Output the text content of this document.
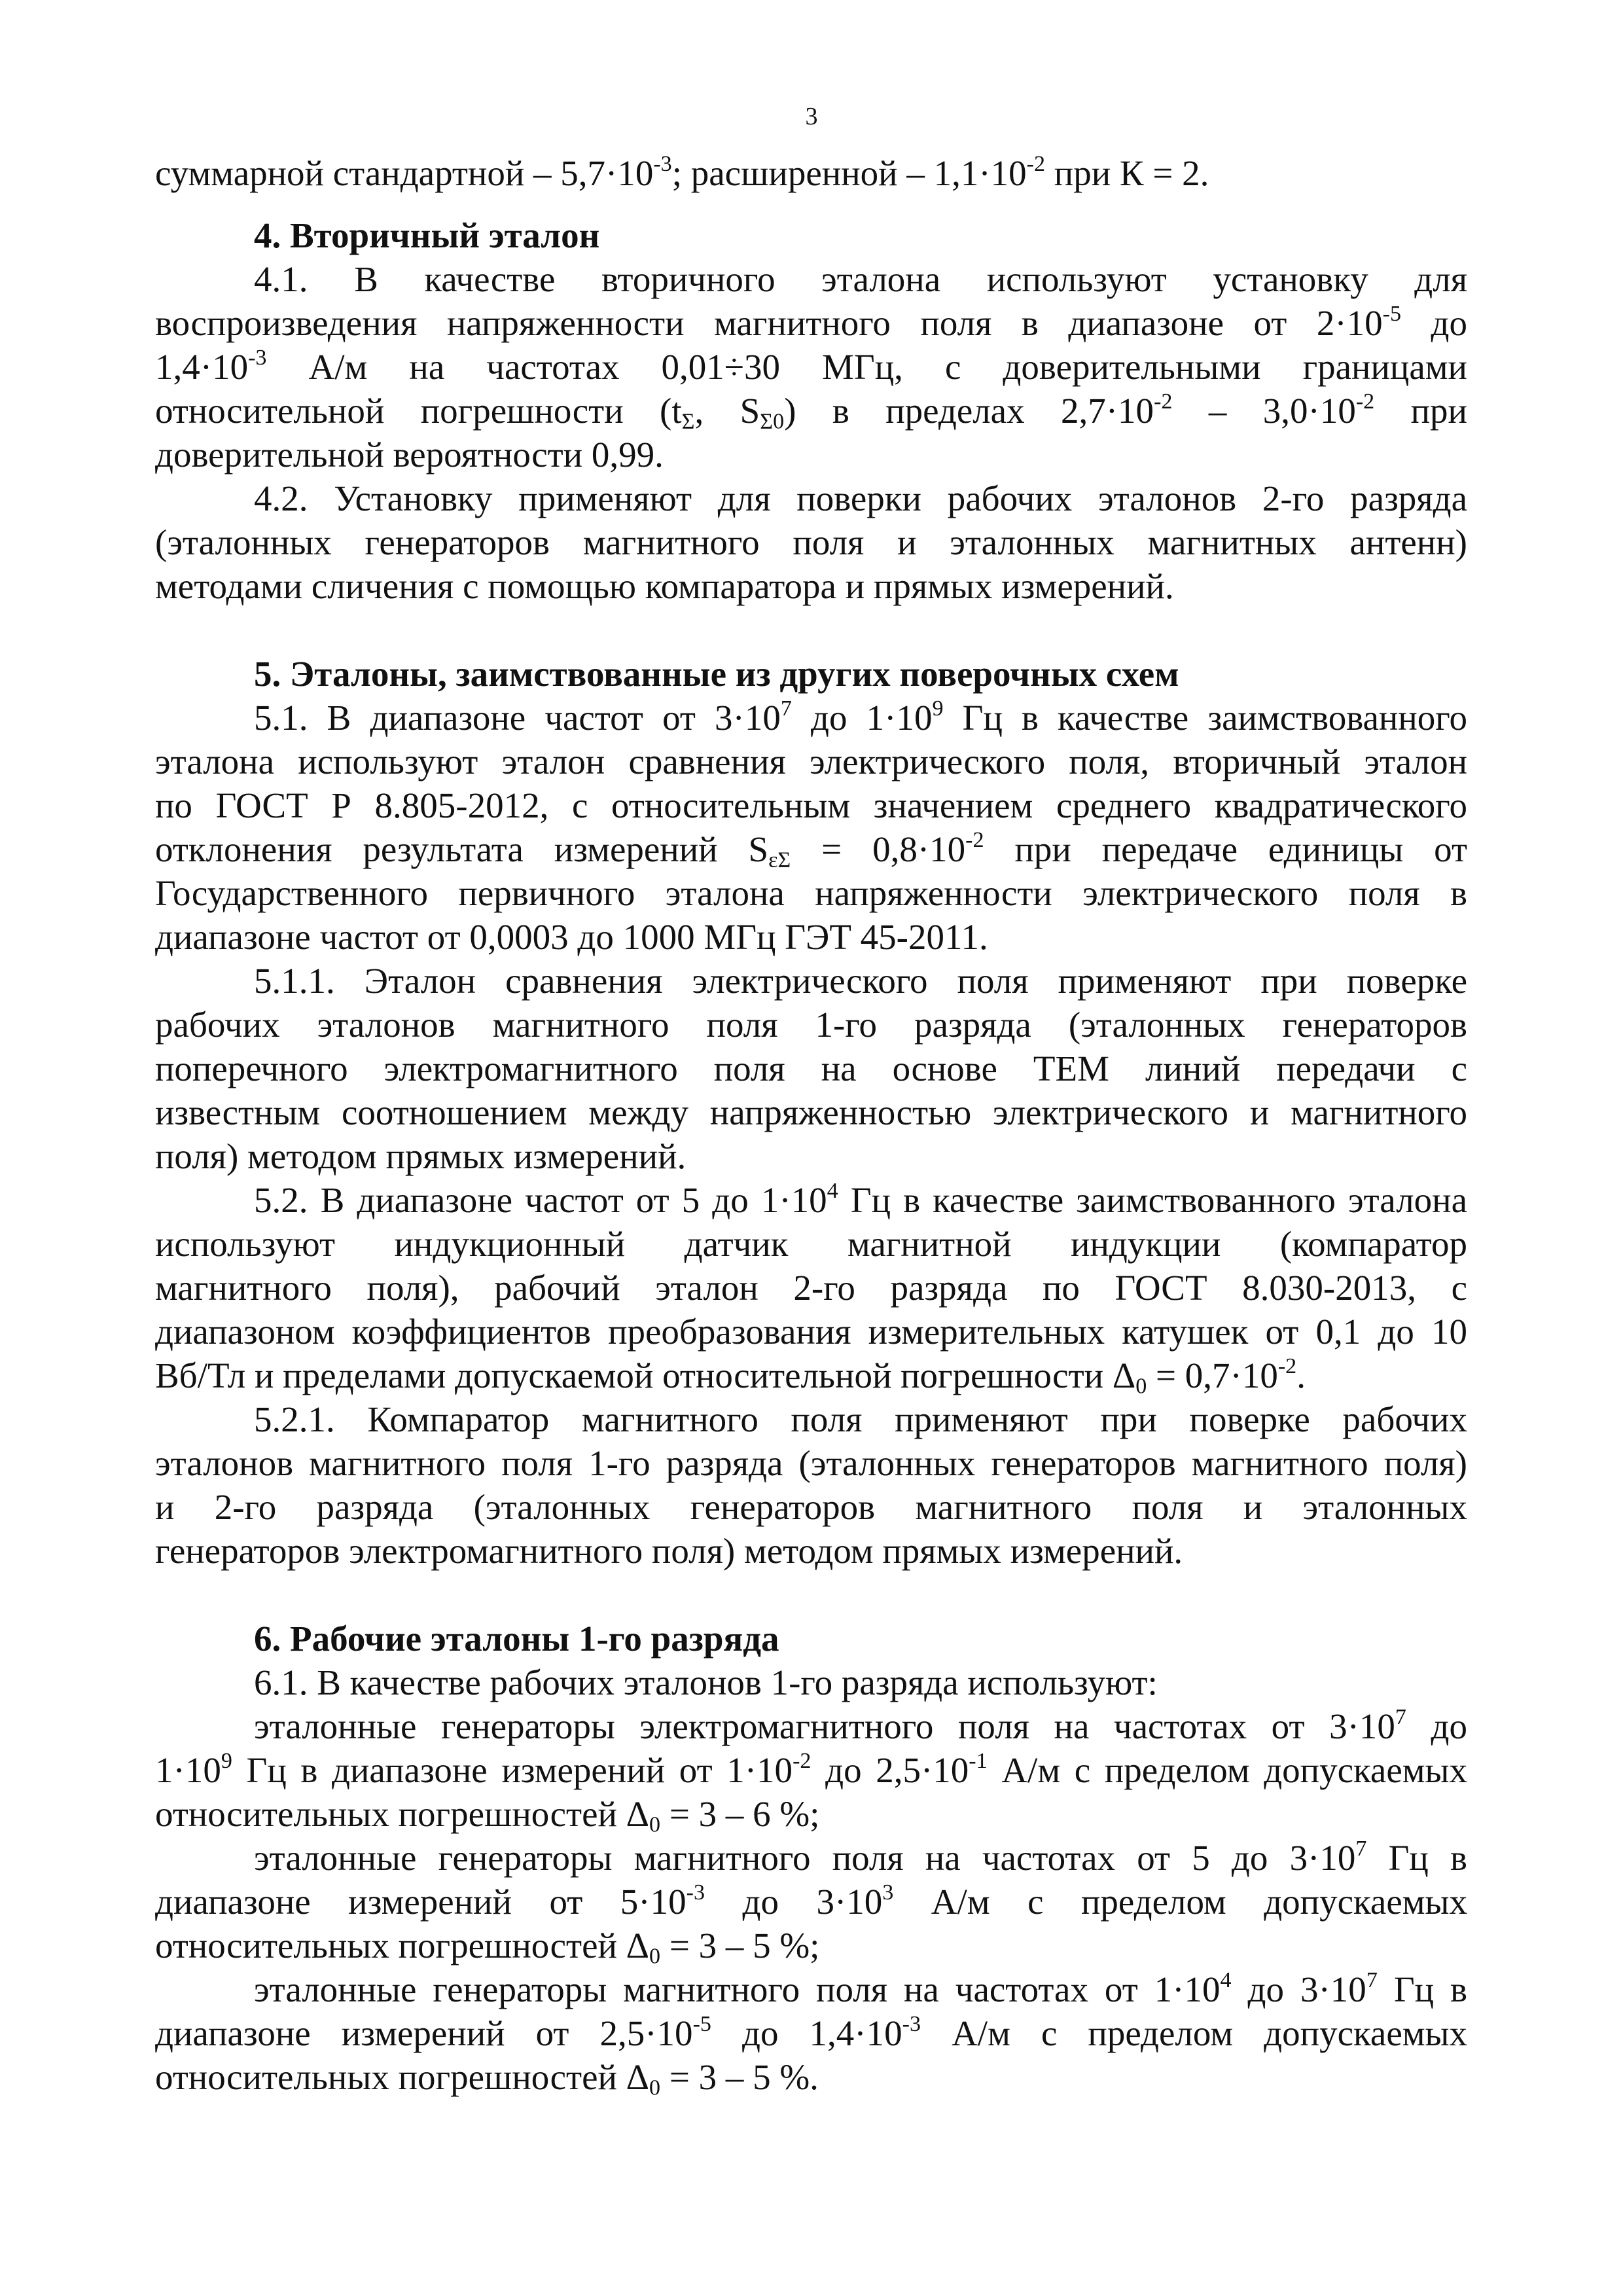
3
суммарной стандартной – $5,7\cdot 10^{-3}$; расширенной – $1,1\cdot 10^{-2}$ при К = 2.
4. Вторичный эталон
4.1. В качестве вторичного эталона используют установку для
воспроизведения напряженности магнитного поля в диапазоне от $2\cdot 10^{-5}$ до
$1,4\cdot 10^{-3}$ А/м на частотах 0,01÷30 МГц, с доверительными границами
относительной погрешности ($t_\Sigma$, $S_{\Sigma 0}$) в пределах $2,7\cdot 10^{-2} - 3,0\cdot 10^{-2}$ при
доверительной вероятности 0,99.
4.2. Установку применяют для поверки рабочих эталонов 2-го разряда
(эталонных генераторов магнитного поля и эталонных магнитных антенн)
методами сличения с помощью компаратора и прямых измерений.
5. Эталоны, заимствованные из других поверочных схем
5.1. В диапазоне частот от $3\cdot 10^7$ до $1\cdot 10^9$ Гц в качестве заимствованного
эталона используют эталон сравнения электрического поля, вторичный эталон
по ГОСТ Р 8.805-2012, с относительным значением среднего квадратического
отклонения результата измерений $S_{\varepsilon\Sigma} = 0,8\cdot 10^{-2}$ при передаче единицы от
Государственного первичного эталона напряженности электрического поля в
диапазоне частот от 0,0003 до 1000 МГц ГЭТ 45-2011.
5.1.1. Эталон сравнения электрического поля применяют при поверке
рабочих эталонов магнитного поля 1-го разряда (эталонных генераторов
поперечного электромагнитного поля на основе ТЕМ линий передачи с
известным соотношением между напряженностью электрического и магнитного
поля) методом прямых измерений.
5.2. В диапазоне частот от 5 до $1\cdot 10^4$ Гц в качестве заимствованного эталона
используют индукционный датчик магнитной индукции (компаратор
магнитного поля), рабочий эталон 2-го разряда по ГОСТ 8.030-2013, с
диапазоном коэффициентов преобразования измерительных катушек от 0,1 до 10
Вб/Тл и пределами допускаемой относительной погрешности $\Delta_0 = 0,7\cdot 10^{-2}$.
5.2.1. Компаратор магнитного поля применяют при поверке рабочих
эталонов магнитного поля 1-го разряда (эталонных генераторов магнитного поля)
и 2-го разряда (эталонных генераторов магнитного поля и эталонных
генераторов электромагнитного поля) методом прямых измерений.
6. Рабочие эталоны 1-го разряда
6.1. В качестве рабочих эталонов 1-го разряда используют:
эталонные генераторы электромагнитного поля на частотах от $3\cdot 10^7$ до
$1\cdot 10^9$ Гц в диапазоне измерений от $1\cdot 10^{-2}$ до $2,5\cdot 10^{-1}$ А/м с пределом допускаемых
относительных погрешностей $\Delta_0 = 3 - 6$ %;
эталонные генераторы магнитного поля на частотах от 5 до $3\cdot 10^7$ Гц в
диапазоне измерений от $5\cdot 10^{-3}$ до $3\cdot 10^3$ А/м с пределом допускаемых
относительных погрешностей $\Delta_0 = 3 - 5$ %;
эталонные генераторы магнитного поля на частотах от $1\cdot 10^4$ до $3\cdot 10^7$ Гц в
диапазоне измерений от $2,5\cdot 10^{-5}$ до $1,4\cdot 10^{-3}$ А/м с пределом допускаемых
относительных погрешностей $\Delta_0 = 3 - 5$ %.
